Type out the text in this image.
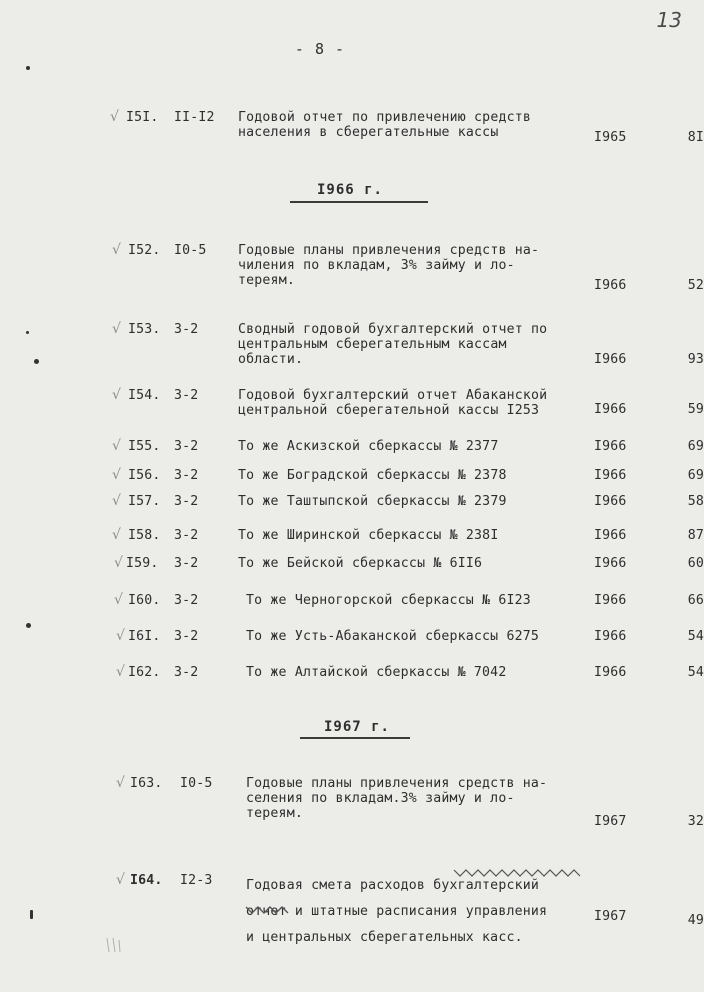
13
- 8 -
√ I5I. II-I2 Годовой отчет по привлечению средств
населения в сберегательные кассы	I965	8I
I966 г.
√ I52. I0-5 Годовые планы привлечения средств на-
чиления по вкладам, 3% займу и ло-
тереям.	I966	52
√ I53. 3-2	Сводный годовой бухгалтерский отчет по
центральным сберегательным кассам
области.	I966	93
√ I54. 3-2	Годовой бухгалтерский отчет Абаканской
центральной сберегательной кассы I253	I966	59
√ I55. 3-2	То же Аскизской сберкассы № 2377	I966	69
√ I56. 3-2	То же Боградской сберкассы № 2378	I966	69
√ I57. 3-2	То же Таштыпской сберкассы № 2379	I966	58
√ I58. 3-2	То же Ширинской сберкассы № 238I	I966	87
√ I59. 3-2	То же Бейской сберкассы № 6II6	I966	60
√ I60. 3-2	То же Черногорской сберкассы № 6I23	I966	66
√ I6I. 3-2	То же Усть-Абаканской сберкассы 6275	I966	54
√ I62. 3-2	То же Алтайской сберкассы № 7042	I966	54
I967 г.
√ I63. I0-5	Годовые планы привлечения средств на-
селения по вкладам.3% займу и ло-
тереям.
I967	32
√ I64. I2-3	Годовая смета расходов бухгалтерский
отчет и штатные расписания управления
и центральных сберегательных касс.
I967	49
